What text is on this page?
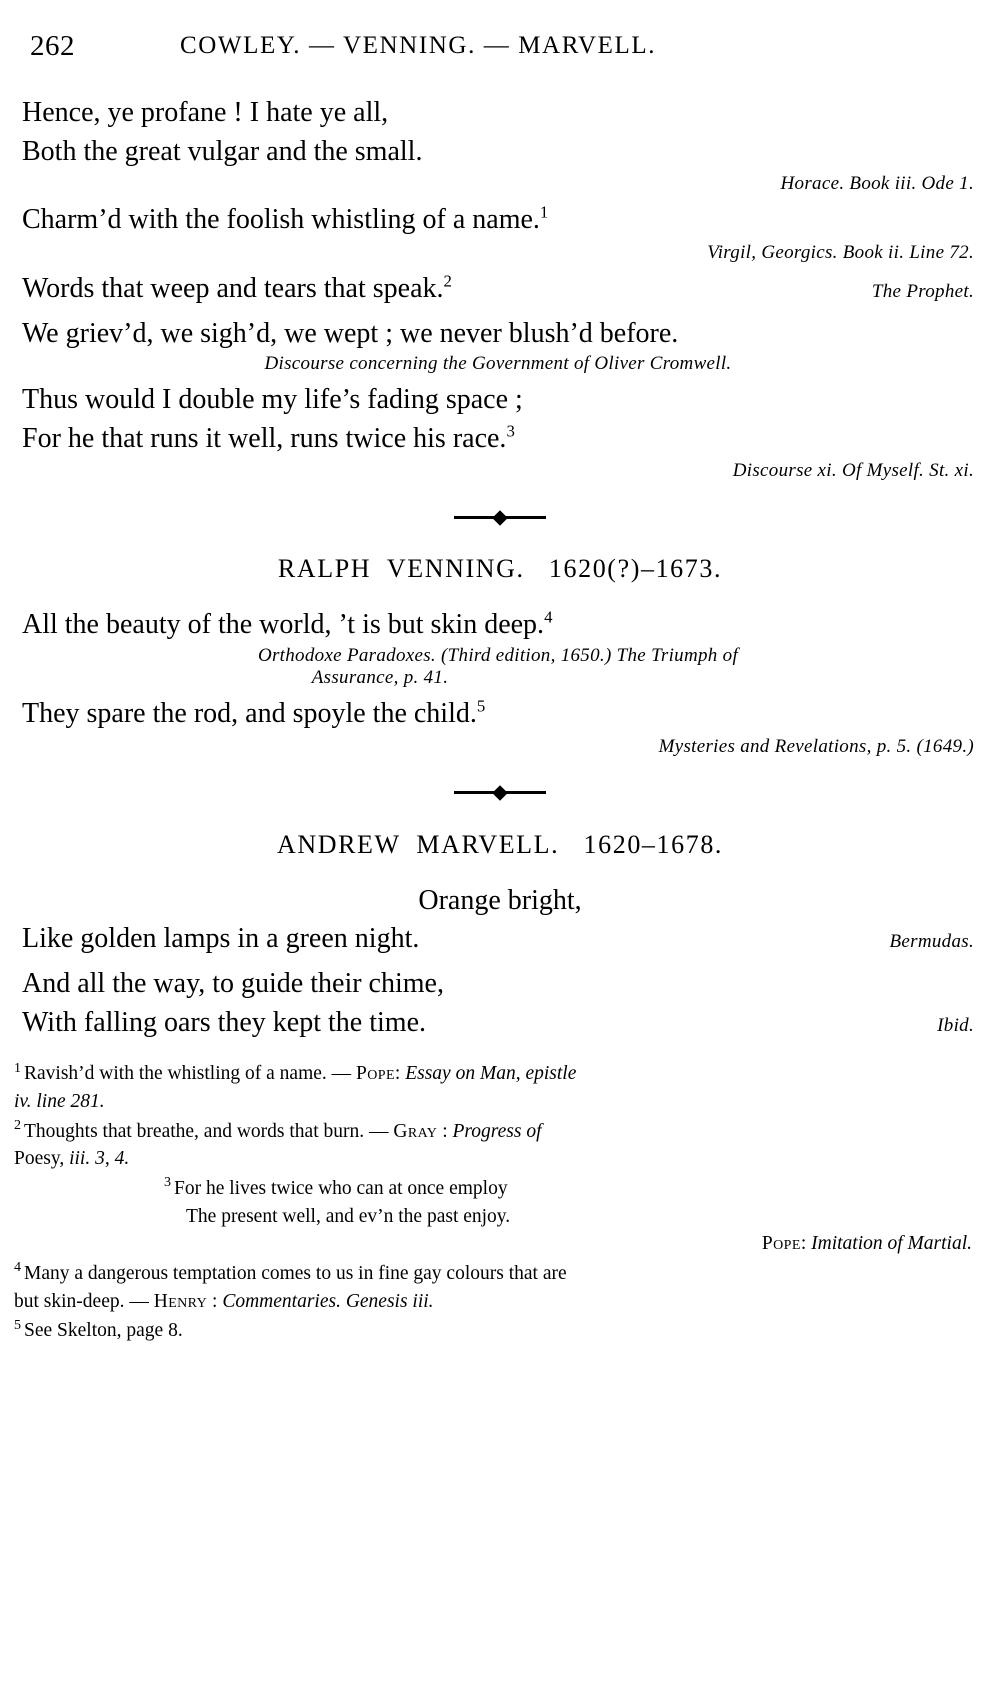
262	COWLEY. — VENNING. — MARVELL.
Hence, ye profane ! I hate ye all,
Both the great vulgar and the small.
Horace. Book iii. Ode 1.
Charm’d with the foolish whistling of a name.$^1$
Virgil, Georgics. Book ii. Line 72.
Words that weep and tears that speak.$^2$	The Prophet.
We griev’d, we sigh’d, we wept ; we never blush’d before.
Discourse concerning the Government of Oliver Cromwell.
Thus would I double my life’s fading space ;
For he that runs it well, runs twice his race.$^3$
Discourse xi. Of Myself. St. xi.
RALPH  VENNING.   1620(?)–1673.
All the beauty of the world, ’t is but skin deep.$^4$
Orthodoxe Paradoxes. (Third edition, 1650.) The Triumph of
Assurance, p. 41.
They spare the rod, and spoyle the child.$^5$
Mysteries and Revelations, p. 5. (1649.)
ANDREW  MARVELL.   1620–1678.
Orange bright,
Like golden lamps in a green night.	Bermudas.
And all the way, to guide their chime,
With falling oars they kept the time.	Ibid.
$^1$ Ravish’d with the whistling of a name. — Pope: Essay on Man, epistle
iv. line 281.
$^2$ Thoughts that breathe, and words that burn. — Gray : Progress of
Poesy, iii. 3, 4.
$^3$ For he lives twice who can at once employ
The present well, and ev’n the past enjoy.
Pope: Imitation of Martial.
$^4$ Many a dangerous temptation comes to us in fine gay colours that are
but skin-deep. — Henry : Commentaries. Genesis iii.
$^5$ See Skelton, page 8.
